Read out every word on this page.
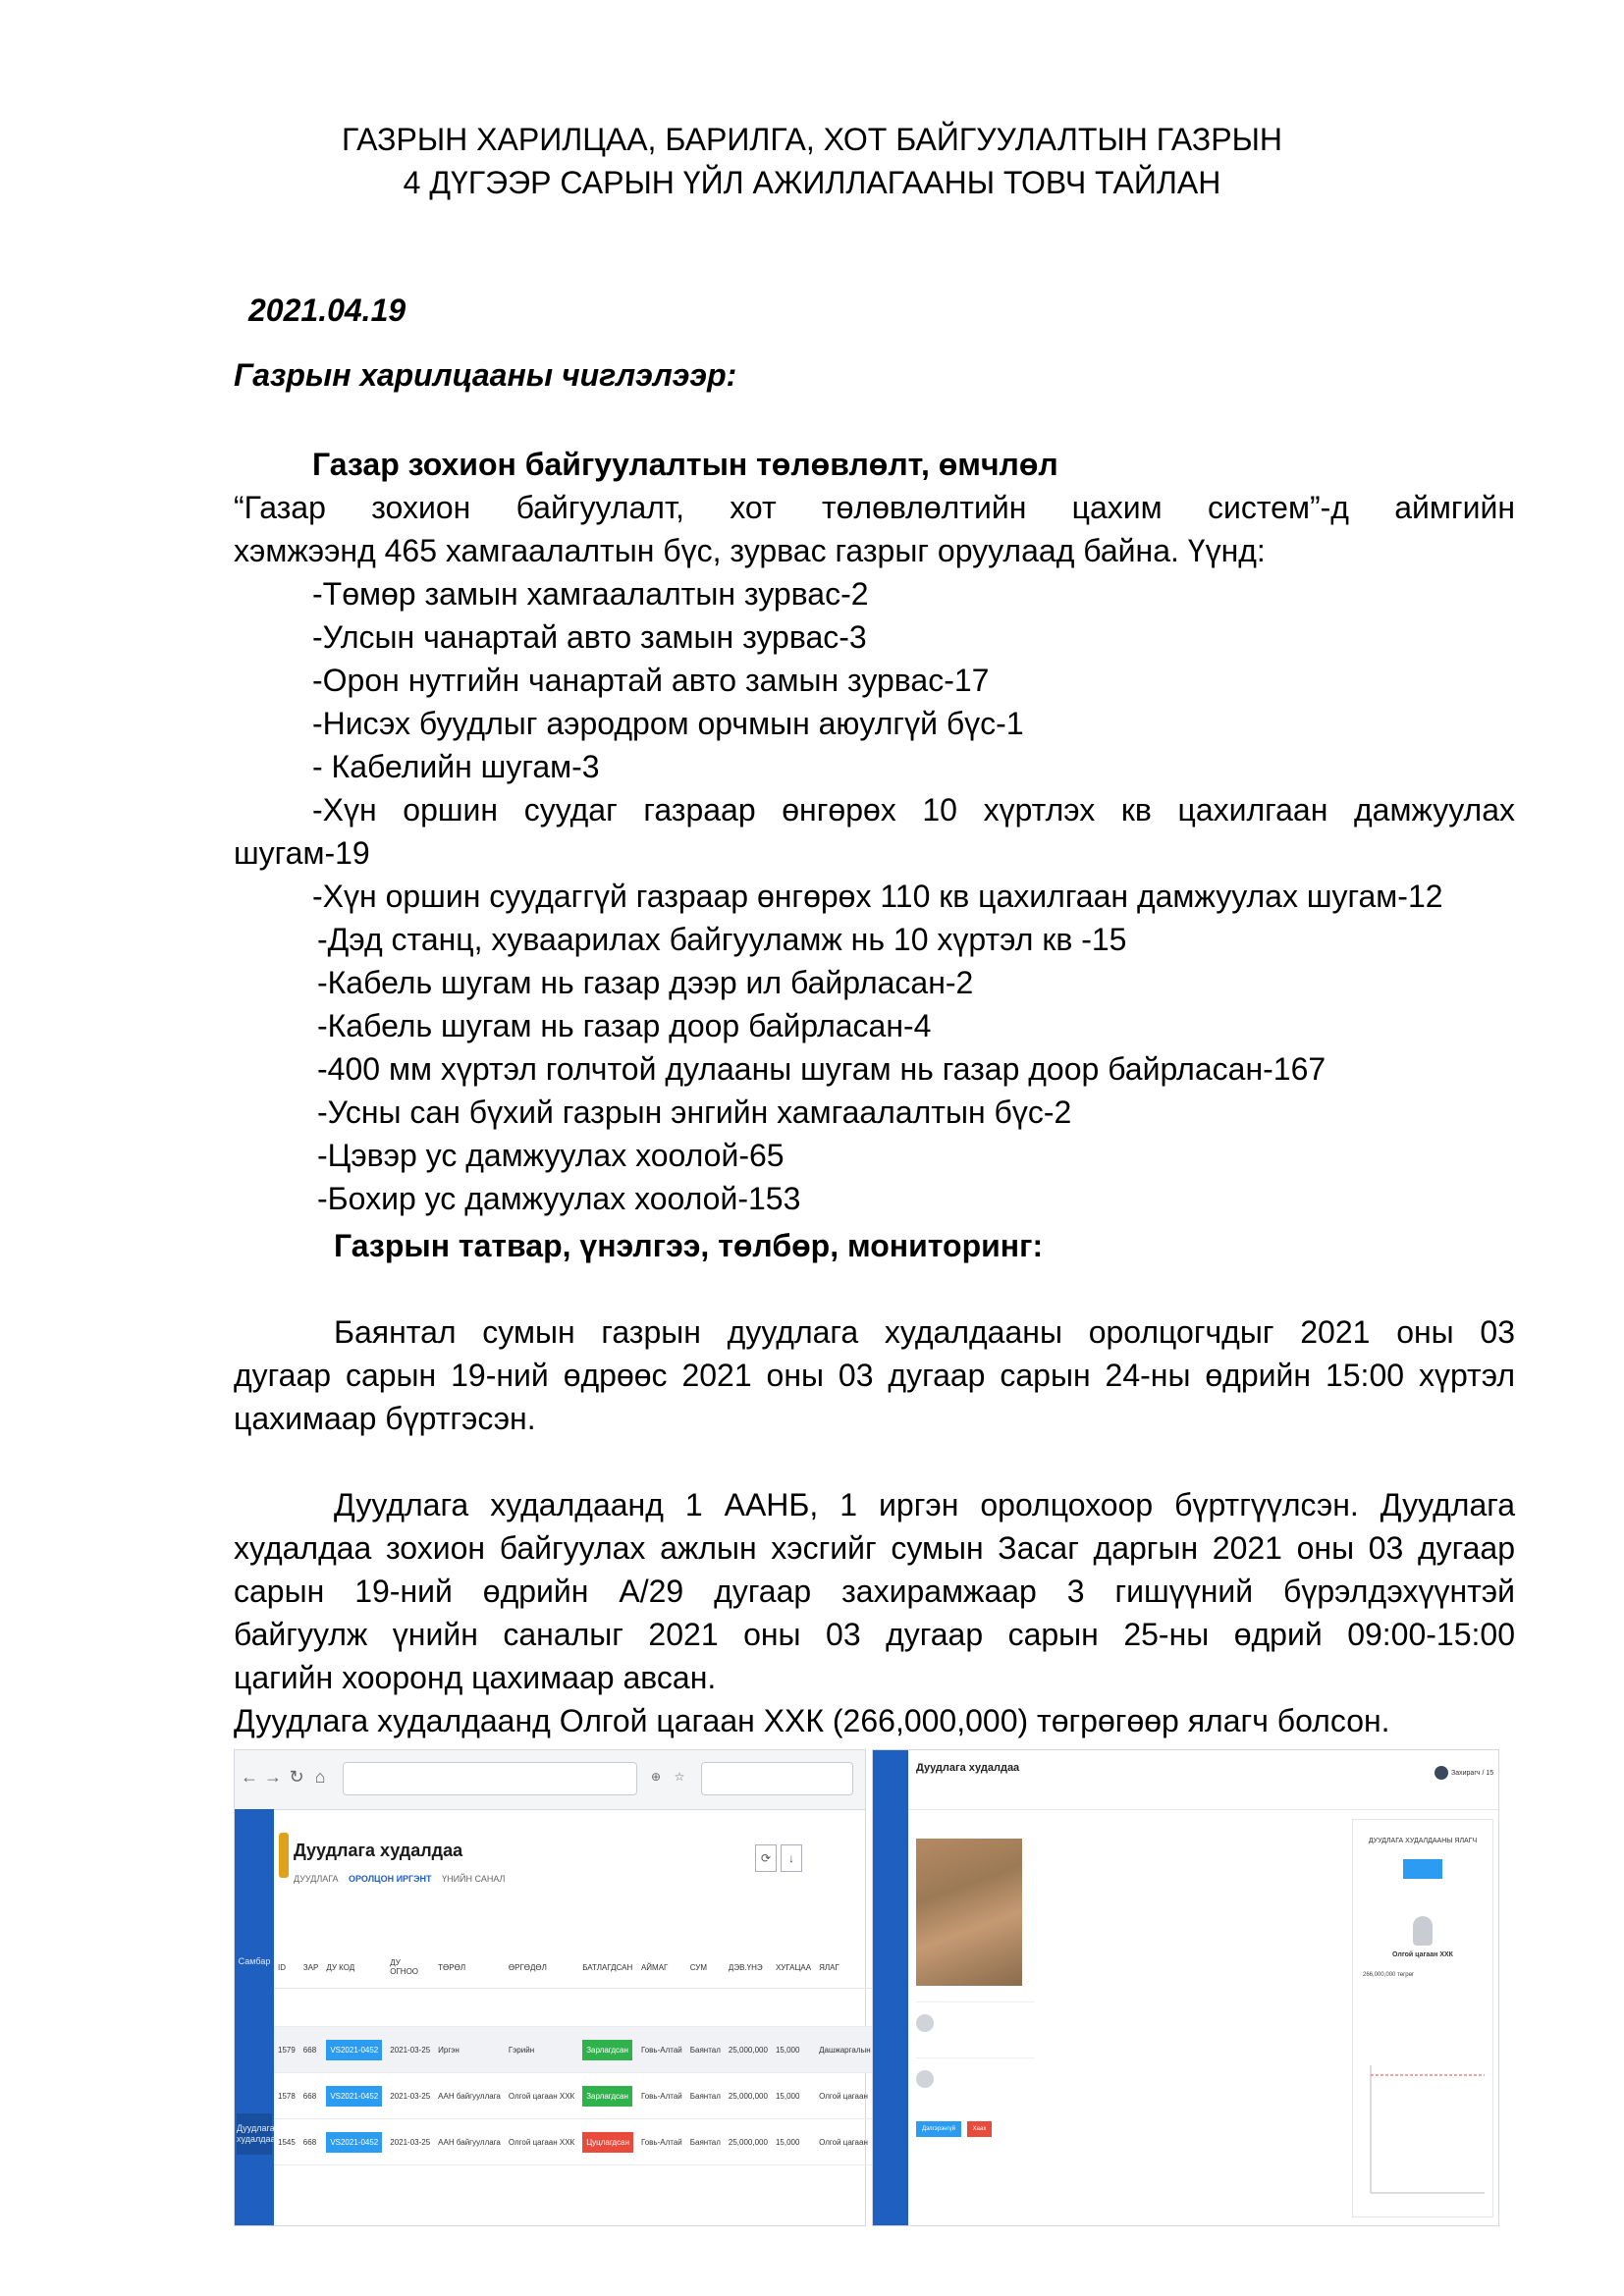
ГАЗРЫН ХАРИЛЦАА, БАРИЛГА, ХОТ БАЙГУУЛАЛТЫН ГАЗРЫН
4 ДҮГЭЭР САРЫН ҮЙЛ АЖИЛЛАГААНЫ ТОВЧ ТАЙЛАН
2021.04.19
Газрын харилцааны чиглэлээр:
Газар зохион байгуулалтын төлөвлөлт, өмчлөл
“Газар зохион байгуулалт, хот төлөвлөлтийн цахим систем”-д аймгийн
хэмжээнд 465 хамгаалалтын бүс, зурвас газрыг оруулаад байна. Үүнд:
-Төмөр замын хамгаалалтын зурвас-2
-Улсын чанартай авто замын зурвас-3
-Орон нутгийн чанартай авто замын зурвас-17
-Нисэх буудлыг аэродром орчмын аюулгүй бүс-1
- Кабелийн шугам-3
-Хүн оршин суудаг газраар өнгөрөх 10 хүртлэх кв цахилгаан дамжуулах
шугам-19
-Хүн оршин суудаггүй газраар өнгөрөх 110 кв цахилгаан дамжуулах шугам-12
-Дэд станц, хуваарилах байгууламж нь 10 хүртэл кв -15
-Кабель шугам нь газар дээр ил байрласан-2
-Кабель шугам нь газар доор байрласан-4
-400 мм хүртэл голчтой дулааны шугам нь газар доор байрласан-167
-Усны сан бүхий газрын энгийн хамгаалалтын бүс-2
-Цэвэр ус дамжуулах хоолой-65
-Бохир ус дамжуулах хоолой-153
Газрын татвар, үнэлгээ, төлбөр, мониторинг:
Баянтал сумын газрын дуудлага худалдааны оролцогчдыг 2021 оны 03
дугаар сарын 19-ний өдрөөс 2021 оны 03 дугаар сарын 24-ны өдрийн 15:00 хүртэл
цахимаар бүртгэсэн.
Дуудлага худалдаанд 1 ААНБ, 1 иргэн оролцохоор бүртгүүлсэн. Дуудлага
худалдаа зохион байгуулах ажлын хэсгийг сумын Засаг даргын 2021 оны 03 дугаар
сарын 19-ний өдрийн А/29 дугаар захирамжаар 3 гишүүний бүрэлдэхүүнтэй
байгуулж үнийн саналыг 2021 оны 03 дугаар сарын 25-ны өдрий 09:00-15:00
цагийн хооронд цахимаар авсан.
Дуудлага худалдаанд Олгой цагаан ХХК (266,000,000) төгрөгөөр ялагч болсон.
← → ↻ ⌂	⊕	☆
Самбар
Дуудлага худалдаа
Дуудлага худалдаа
ДУУДЛАГА ОРОЛЦОН ИРГЭНТ ҮНИЙН САНАЛ
⟳ ↓
ID	ЗАР	ДУ КОД	ДУ ОГНОО	ТӨРӨЛ	ӨРГӨДӨЛ	БАТЛАГДСАН	АЙМАГ	СУМ	ДЭВ.ҮНЭ	ХУГАЦАА	ЯЛАГ	

1579	668	VS2021-0452	2021-03-25	Иргэн	Гэрийн	Зарлагдсан	Говь-Алтай	Баянтал	25,000,000	15,000	Дашжаргалын	
1578	668	VS2021-0452	2021-03-25	ААН байгууллага	Олгой цагаан ХХК	Зарлагдсан	Говь-Алтай	Баянтал	25,000,000	15,000	Олгой цагаан	
1545	668	VS2021-0452	2021-03-25	ААН байгууллага	Олгой цагаан ХХК	Цуцлагдсан	Говь-Алтай	Баянтал	25,000,000	15,000	Олгой цагаан	
Дуудлага худалдаа	Захирагч / 15
Дэлгэрэнгүй	Хаах
ДУУДЛАГА ХУДАЛДААНЫ ЯЛАГЧ
Олгой цагаан ХХК
266,000,000 төгрөг
